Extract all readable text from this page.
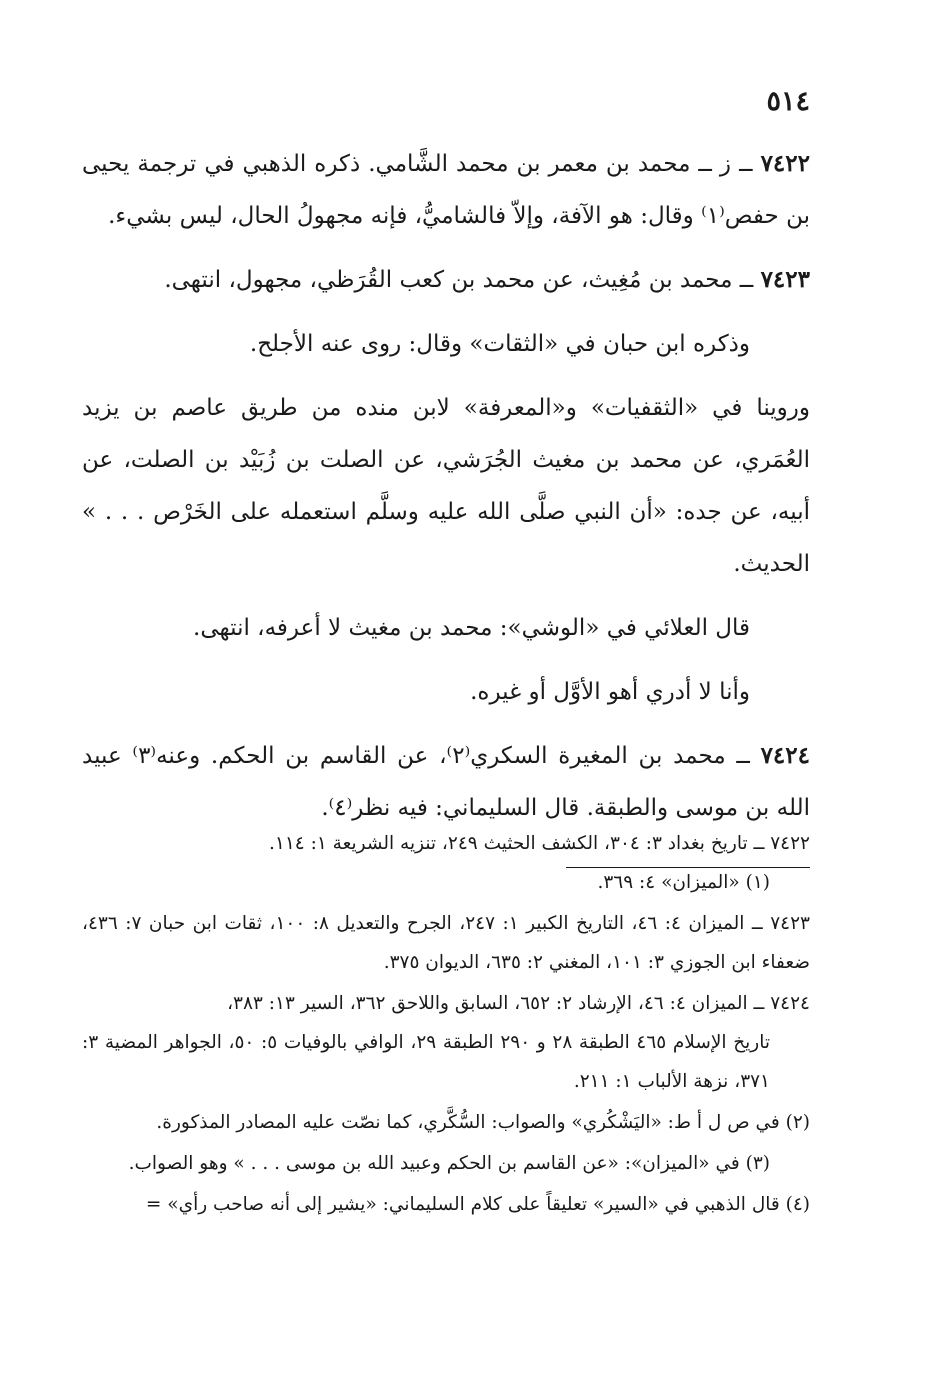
٥١٤

٧٤٢٢ ــ ز ــ محمد بن معمر بن محمد الشَّامي. ذكره الذهبي في ترجمة يحيى بن حفص⁽١⁾ وقال: هو الآفة، وإلاّ فالشاميُّ، فإنه مجهولُ الحال، ليس بشيء.

٧٤٢٣ ــ محمد بن مُغِيث، عن محمد بن كعب القُرَظي، مجهول، انتهى.

وذكره ابن حبان في «الثقات» وقال: روى عنه الأجلح.

وروينا في «الثقفيات» و«المعرفة» لابن منده من طريق عاصم بن يزيد العُمَري، عن محمد بن مغيث الجُرَشي، عن الصلت بن زُبَيْد بن الصلت، عن أبيه، عن جده: «أن النبي صلَّى الله عليه وسلَّم استعمله على الخَرْص . . . » الحديث.

قال العلائي في «الوشي»: محمد بن مغيث لا أعرفه، انتهى.

وأنا لا أدري أهو الأوَّل أو غيره.

٧٤٢٤ ــ محمد بن المغيرة السكري⁽٢⁾، عن القاسم بن الحكم. وعنه⁽٣⁾ عبيد الله بن موسى والطبقة. قال السليماني: فيه نظر⁽٤⁾.

٧٤٢٢ ــ تاريخ بغداد ٣: ٣٠٤، الكشف الحثيث ٢٤٩، تنزيه الشريعة ١: ١١٤.

(١) «الميزان» ٤: ٣٦٩.

٧٤٢٣ ــ الميزان ٤: ٤٦، التاريخ الكبير ١: ٢٤٧، الجرح والتعديل ٨: ١٠٠، ثقات ابن حبان ٧: ٤٣٦، ضعفاء ابن الجوزي ٣: ١٠١، المغني ٢: ٦٣٥، الديوان ٣٧٥.

٧٤٢٤ ــ الميزان ٤: ٤٦، الإرشاد ٢: ٦٥٢، السابق واللاحق ٣٦٢، السير ١٣: ٣٨٣،

تاريخ الإسلام ٤٦٥ الطبقة ٢٨ و ٢٩٠ الطبقة ٢٩، الوافي بالوفيات ٥: ٥٠، الجواهر المضية ٣: ٣٧١، نزهة الألباب ١: ٢١١.

(٢) في ص ل أ ط: «اليَشْكُري» والصواب: السُّكَّري، كما نصّت عليه المصادر المذكورة.

(٣) في «الميزان»: «عن القاسم بن الحكم وعبيد الله بن موسى . . . » وهو الصواب.

(٤) قال الذهبي في «السير» تعليقاً على كلام السليماني: «يشير إلى أنه صاحب رأي» =
